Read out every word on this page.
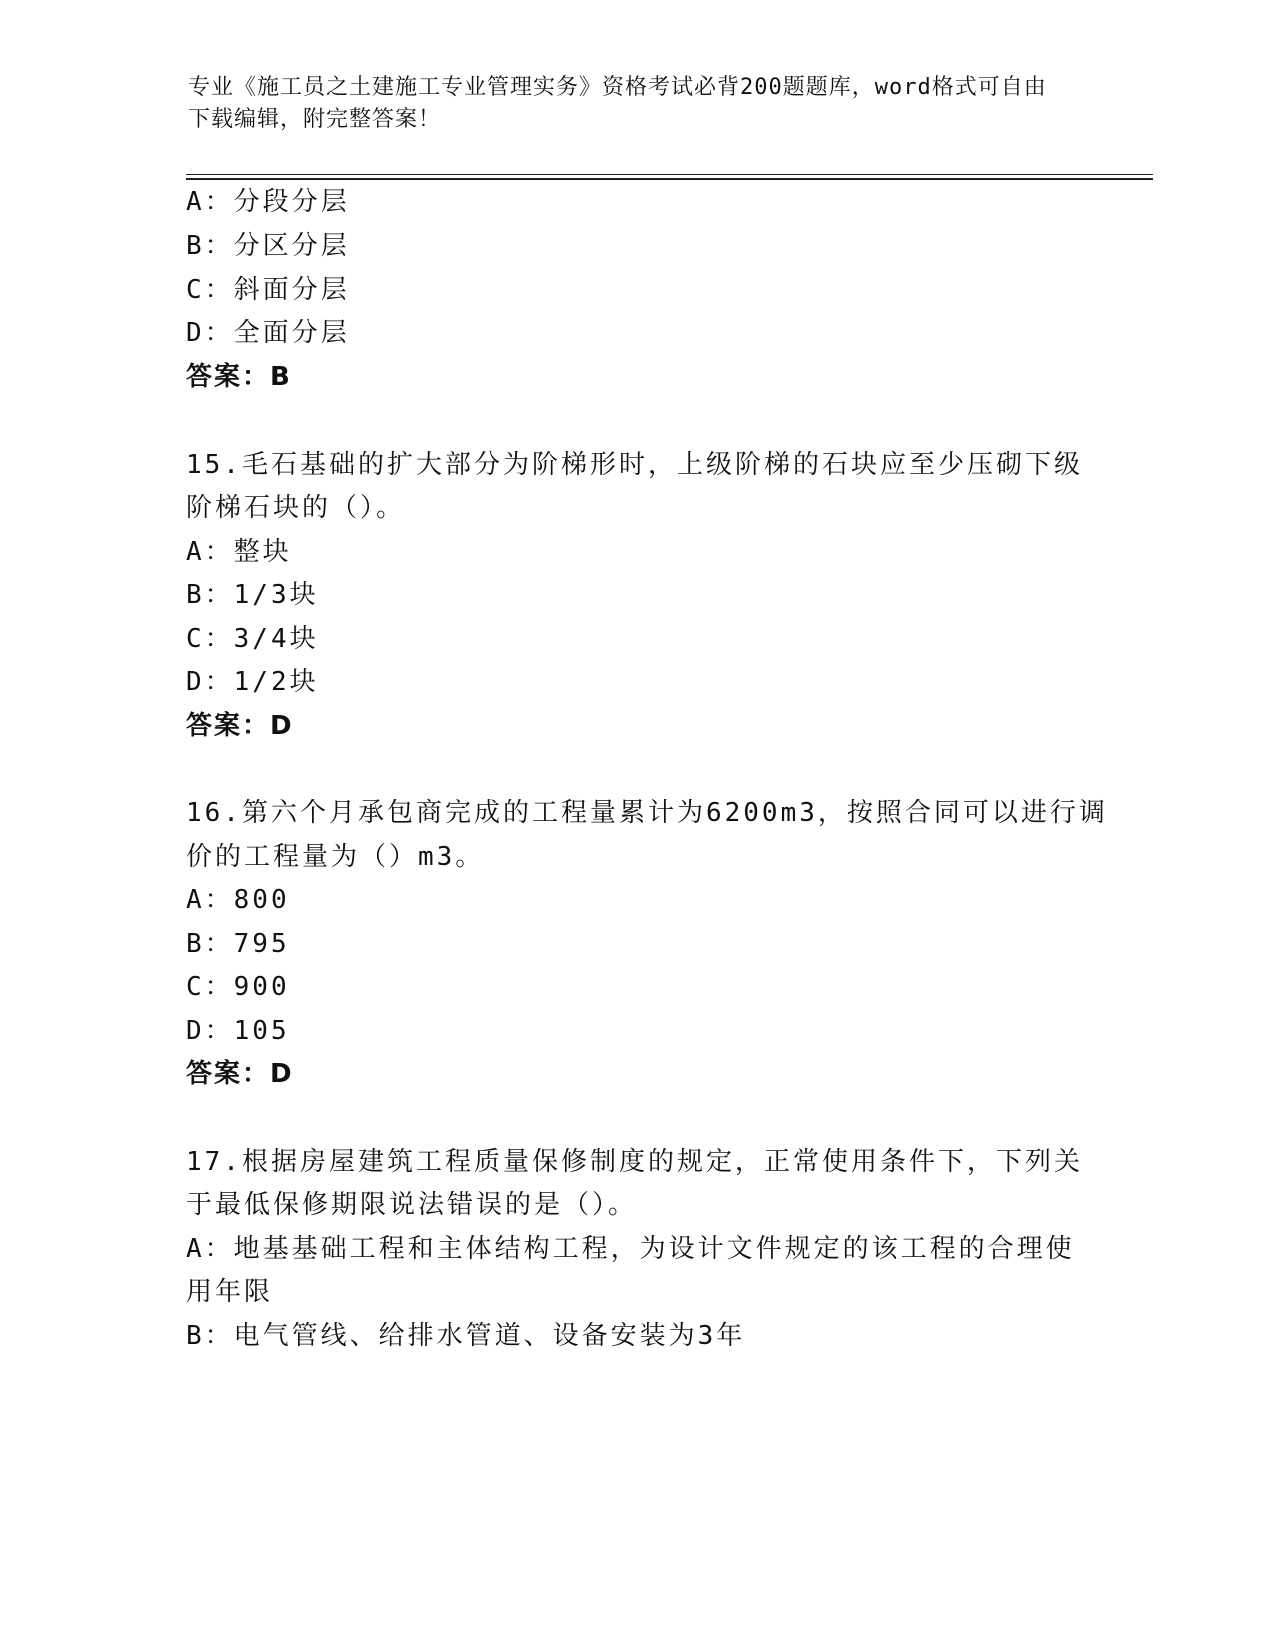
专业《施工员之土建施工专业管理实务》资格考试必背200题题库，word格式可自由下载编辑，附完整答案！
A：分段分层
B：分区分层
C：斜面分层
D：全面分层
答案：B
15.毛石基础的扩大部分为阶梯形时，上级阶梯的石块应至少压砌下级
阶梯石块的（）。
A：整块
B：1/3块
C：3/4块
D：1/2块
答案：D
16.第六个月承包商完成的工程量累计为6200m3，按照合同可以进行调
价的工程量为（）m3。
A：800
B：795
C：900
D：105
答案：D
17.根据房屋建筑工程质量保修制度的规定，正常使用条件下，下列关
于最低保修期限说法错误的是（）。
A：地基基础工程和主体结构工程，为设计文件规定的该工程的合理使
用年限
B：电气管线、给排水管道、设备安装为3年
